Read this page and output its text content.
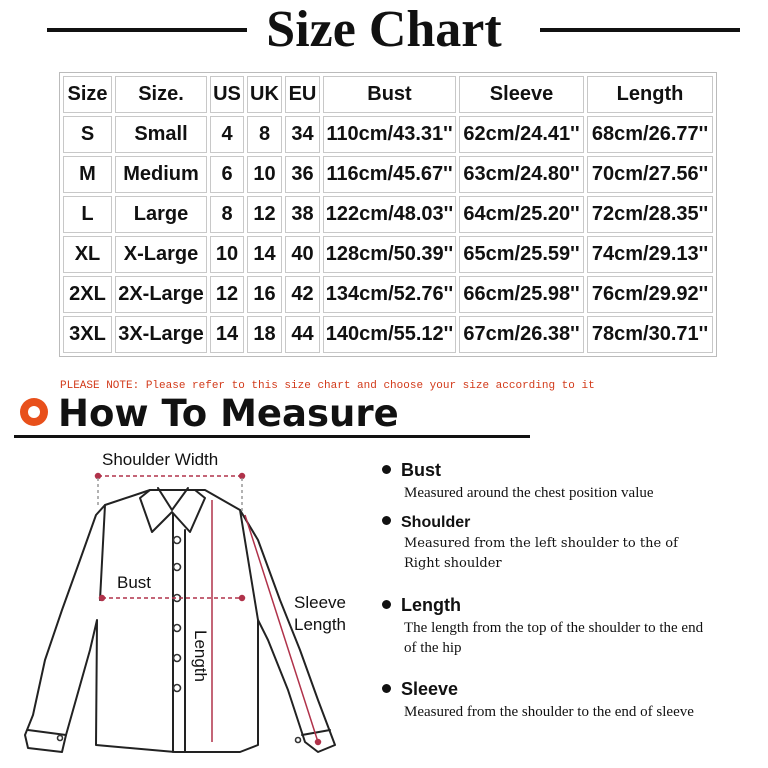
Size Chart
Size	Size.	US	UK	EU	Bust	Sleeve	Length
S	Small	4	8	34	110cm/43.31''	62cm/24.41''	68cm/26.77''
M	Medium	6	10	36	116cm/45.67''	63cm/24.80''	70cm/27.56''
L	Large	8	12	38	122cm/48.03''	64cm/25.20''	72cm/28.35''
XL	X-Large	10	14	40	128cm/50.39''	65cm/25.59''	74cm/29.13''
2XL	2X-Large	12	16	42	134cm/52.76''	66cm/25.98''	76cm/29.92''
3XL	3X-Large	14	18	44	140cm/55.12''	67cm/26.38''	78cm/30.71''
PLEASE NOTE: Please refer to this size chart and choose your size according to it
How To Measure
Shoulder Width
Bust
Sleeve
Length
Length
Bust
Measured around the chest position value
Shoulder
Measured from the left shoulder to the of Right shoulder
Length
The length from the top of the shoulder to the end of the hip
Sleeve
Measured from the shoulder to the end of sleeve
